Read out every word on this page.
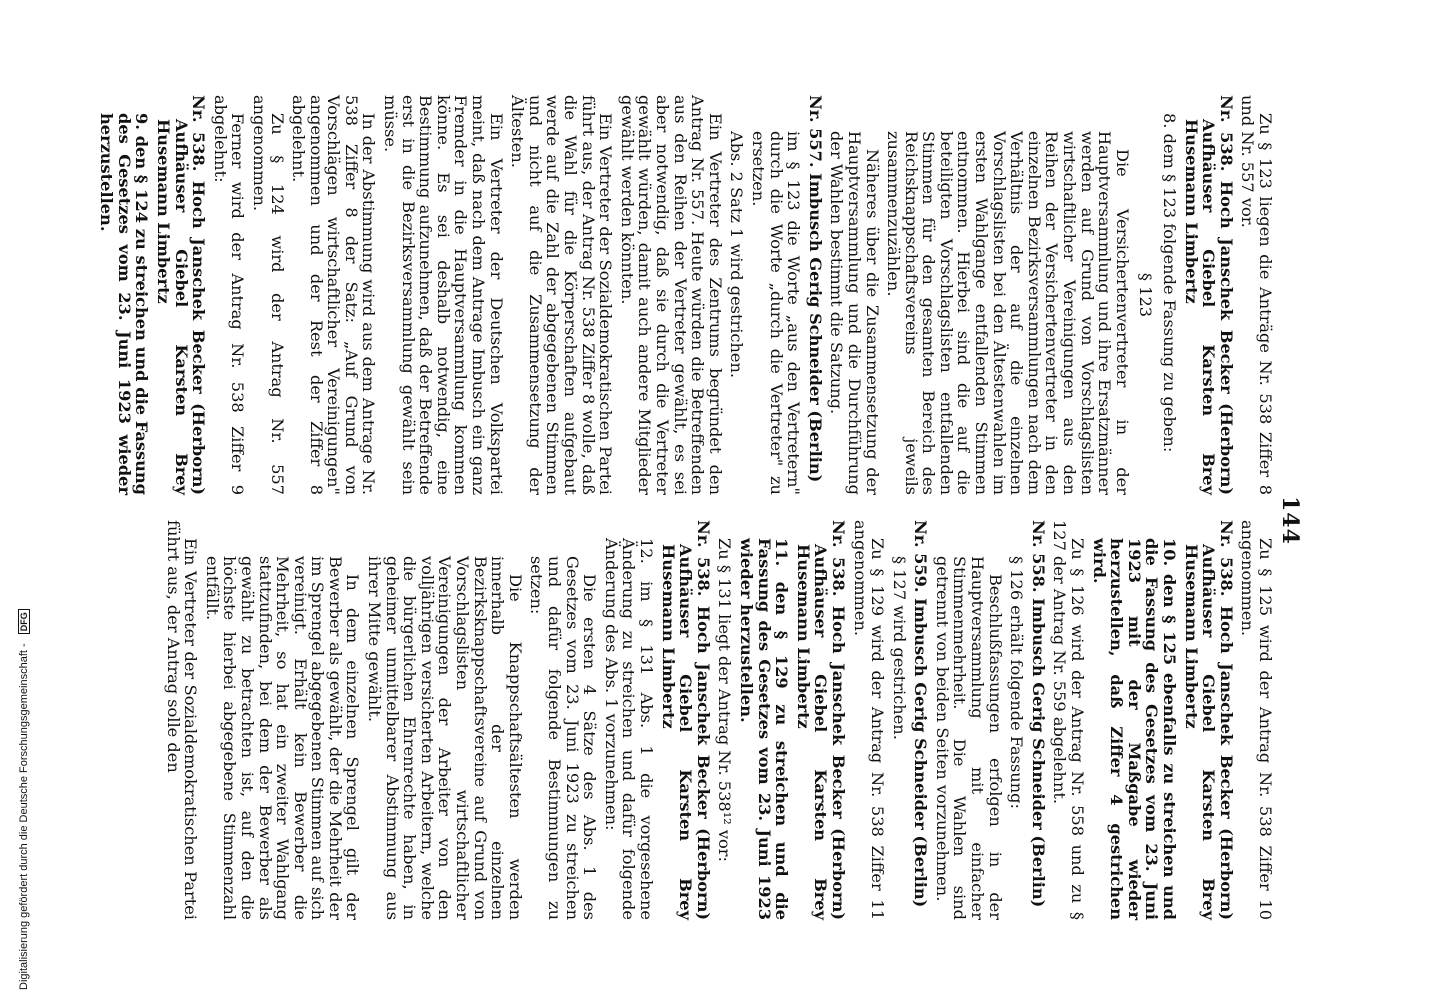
144

Zu § 123 liegen die Anträge Nr. 538 Ziffer 8 und Nr. 557 vor.

Nr. 538. Hoch Janschek Becker (Herborn) Aufhäuser Giebel Karsten Brey Husemann Limbertz

8. dem § 123 folgende Fassung zu geben:

§ 123

Die Versichertenvertreter in der Hauptversammlung und ihre Ersatzmänner werden auf Grund von Vorschlagslisten wirtschaftlicher Vereinigungen aus den Reihen der Versichertenvertreter in den einzelnen Bezirksversammlungen nach dem Verhältnis der auf die einzelnen Vorschlagslisten bei den Ältestenwahlen im ersten Wahlgange entfallenden Stimmen entnommen. Hierbei sind die auf die beteiligten Vorschlagslisten entfallenden Stimmen für den gesamten Bereich des Reichsknappschaftsvereins jeweils zusammenzuzählen.

Näheres über die Zusammensetzung der Hauptversammlung und die Durchführung der Wahlen bestimmt die Satzung.

Nr. 557. Imbusch Gerig Schneider (Berlin)

im § 123 die Worte „aus den Vertretern" durch die Worte „durch die Vertreter" zu ersetzen.

Abs. 2 Satz 1 wird gestrichen.

Ein Vertreter des Zentrums begründet den Antrag Nr. 557. Heute würden die Betreffenden aus den Reihen der Vertreter gewählt, es sei aber notwendig, daß sie durch die Vertreter gewählt würden, damit auch andere Mitglieder gewählt werden könnten.

Ein Vertreter der Sozialdemokratischen Partei führt aus, der Antrag Nr. 538 Ziffer 8 wolle, daß die Wahl für die Körperschaften aufgebaut werde auf die Zahl der abgegebenen Stimmen und nicht auf die Zusammensetzung der Ältesten.

Ein Vertreter der Deutschen Volkspartei meint, daß nach dem Antrage Imbusch ein ganz Fremder in die Hauptversammlung kommen könne. Es sei deshalb notwendig, eine Bestimmung aufzunehmen, daß der Betreffende erst in die Bezirksversammlung gewählt sein müsse.

In der Abstimmung wird aus dem Antrage Nr. 538 Ziffer 8 der Satz: „Auf Grund von Vorschlägen wirtschaftlicher Vereinigungen" angenommen und der Rest der Ziffer 8 abgelehnt.

Zu § 124 wird der Antrag Nr. 557 angenommen.

Ferner wird der Antrag Nr. 538 Ziffer 9 abgelehnt:

Nr. 538. Hoch Janschek Becker (Herborn) Aufhäuser Giebel Karsten Brey Husemann Limbertz

9. den § 124 zu streichen und die Fassung des Gesetzes vom 23. Juni 1923 wieder herzustellen.

Zu § 125 wird der Antrag Nr. 538 Ziffer 10 angenommen.

Nr. 538. Hoch Janschek Becker (Herborn) Aufhäuser Giebel Karsten Brey Husemann Limbertz

10. den § 125 ebenfalls zu streichen und die Fassung des Gesetzes vom 23. Juni 1923 mit der Maßgabe wieder herzustellen, daß Ziffer 4 gestrichen wird.

Zu § 126 wird der Antrag Nr. 558 und zu § 127 der Antrag Nr. 559 abgelehnt.

Nr. 558. Imbusch Gerig Schneider (Berlin)

§ 126 erhält folgende Fassung:

Beschlußfassungen erfolgen in der Hauptversammlung mit einfacher Stimmenmehrheit. Die Wahlen sind getrennt von beiden Seiten vorzunehmen.

Nr. 559. Imbusch Gerig Schneider (Berlin)

§ 127 wird gestrichen.

Zu § 129 wird der Antrag Nr. 538 Ziffer 11 angenommen.

Nr. 538. Hoch Janschek Becker (Herborn) Aufhäuser Giebel Karsten Brey Husemann Limbertz

11. den § 129 zu streichen und die Fassung des Gesetzes vom 23. Juni 1923 wieder herzustellen.

Zu § 131 liegt der Antrag Nr. 538¹² vor:

Nr. 538. Hoch Janschek Becker (Herborn) Aufhäuser Giebel Karsten Brey Husemann Limbertz

12. im § 131 Abs. 1 die vorgesehene Änderung zu streichen und dafür folgende Änderung des Abs. 1 vorzunehmen:

Die ersten 4 Sätze des Abs. 1 des Gesetzes vom 23. Juni 1923 zu streichen und dafür folgende Bestimmungen zu setzen:

Die Knappschaftsältesten werden innerhalb der einzelnen Bezirksknappschaftsvereine auf Grund von Vorschlagslisten wirtschaftlicher Vereinigungen der Arbeiter von den volljährigen versicherten Arbeitern, welche die bürgerlichen Ehrenrechte haben, in geheimer unmittelbarer Abstimmung aus ihrer Mitte gewählt.

In dem einzelnen Sprengel gilt der Bewerber als gewählt, der die Mehrheit der im Sprengel abgegebenen Stimmen auf sich vereinigt. Erhält kein Bewerber die Mehrheit, so hat ein zweiter Wahlgang stattzufinden, bei dem der Bewerber als gewählt zu betrachten ist, auf den die höchste hierbei abgegebene Stimmenzahl entfällt.

Ein Vertreter der Sozialdemokratischen Partei führt aus, der Antrag solle den

Digitalisierung gefördert durch die Deutsche Forschungsgemeinschaft - DFG
